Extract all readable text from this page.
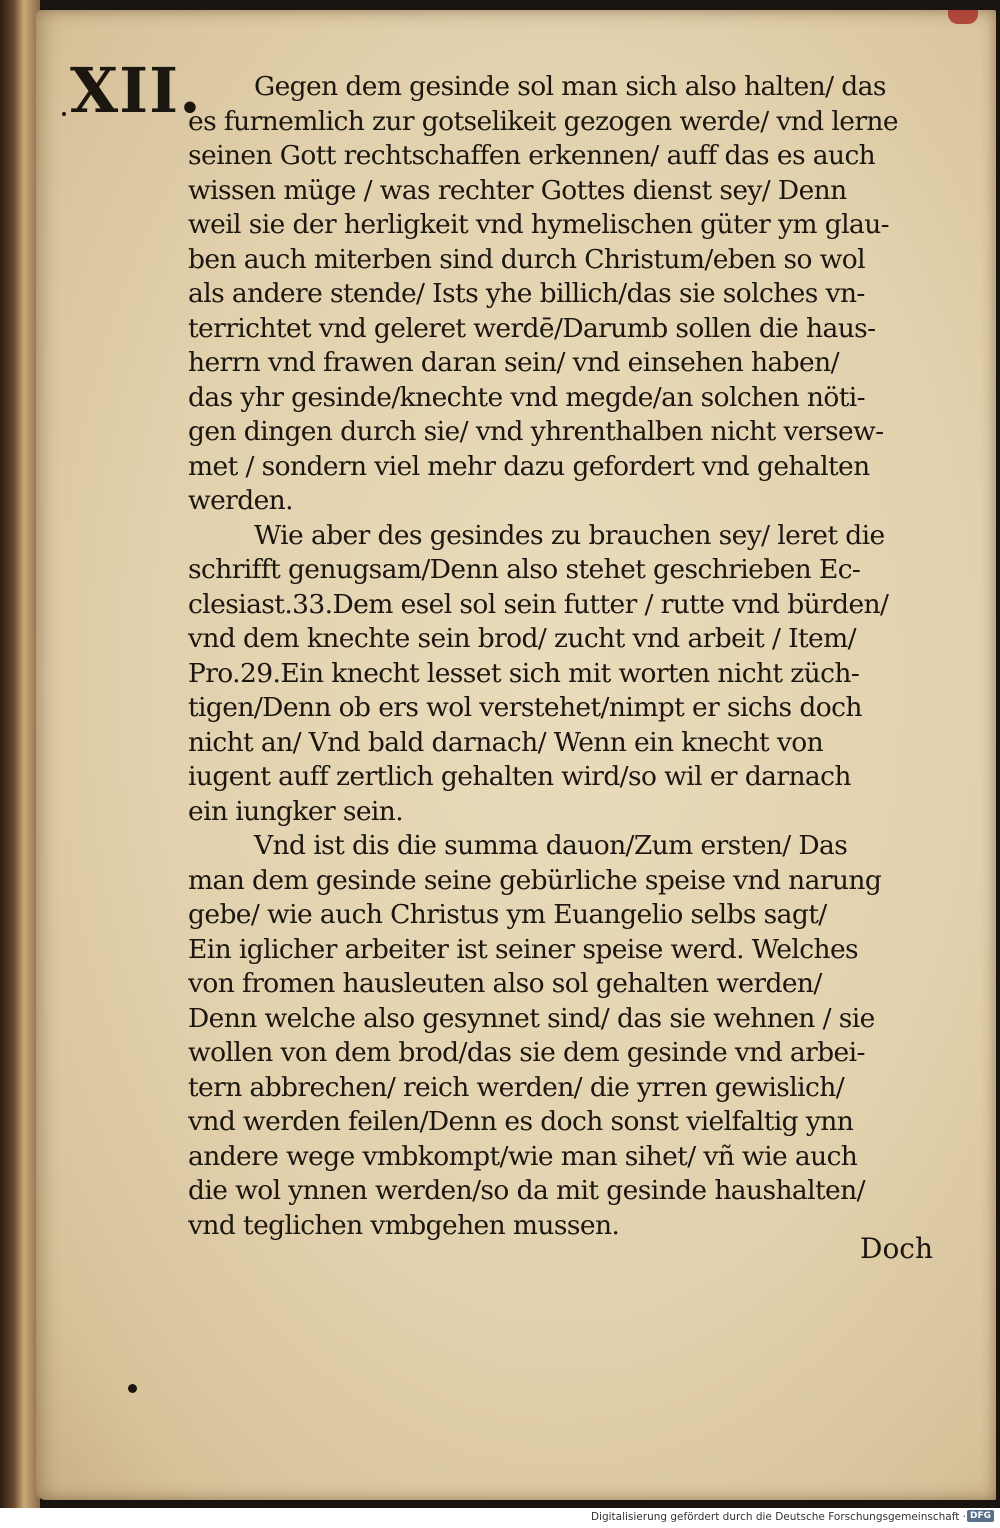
XII.	Gegen dem gesinde sol man sich also halten/ das
es furnemlich zur gotselikeit gezogen werde/ vnd lerne
seinen Gott rechtschaffen erkennen/ auff das es auch
wissen müge / was rechter Gottes dienst sey/ Denn
weil sie der herligkeit vnd hymelischen güter ym glau-
ben auch miterben sind durch Christum/eben so wol
als andere stende/ Ists yhe billich/das sie solches vn-
terrichtet vnd geleret werdē/Darumb sollen die haus-
herrn vnd frawen daran sein/ vnd einsehen haben/
das yhr gesinde/knechte vnd megde/an solchen nöti-
gen dingen durch sie/ vnd yhrenthalben nicht versew-
met / sondern viel mehr dazu gefordert vnd gehalten
werden.
Wie aber des gesindes zu brauchen sey/ leret die
schrifft genugsam/Denn also stehet geschrieben Ec-
clesiast.33.Dem esel sol sein futter / rutte vnd bürden/
vnd dem knechte sein brod/ zucht vnd arbeit / Item/
Pro.29.Ein knecht lesset sich mit worten nicht züch-
tigen/Denn ob ers wol verstehet/nimpt er sichs doch
nicht an/ Vnd bald darnach/ Wenn ein knecht von
iugent auff zertlich gehalten wird/so wil er darnach
ein iungker sein.
Vnd ist dis die summa dauon/Zum ersten/ Das
man dem gesinde seine gebürliche speise vnd narung
gebe/ wie auch Christus ym Euangelio selbs sagt/
Ein iglicher arbeiter ist seiner speise werd. Welches
von fromen hausleuten also sol gehalten werden/
Denn welche also gesynnet sind/ das sie wehnen / sie
wollen von dem brod/das sie dem gesinde vnd arbei-
tern abbrechen/ reich werden/ die yrren gewislich/
vnd werden feilen/Denn es doch sonst vielfaltig ynn
andere wege vmbkompt/wie man sihet/ vñ wie auch
die wol ynnen werden/so da mit gesinde haushalten/
vnd teglichen vmbgehen mussen.
Doch
Digitalisierung gefördert durch die Deutsche Forschungsgemeinschaft · DFG
